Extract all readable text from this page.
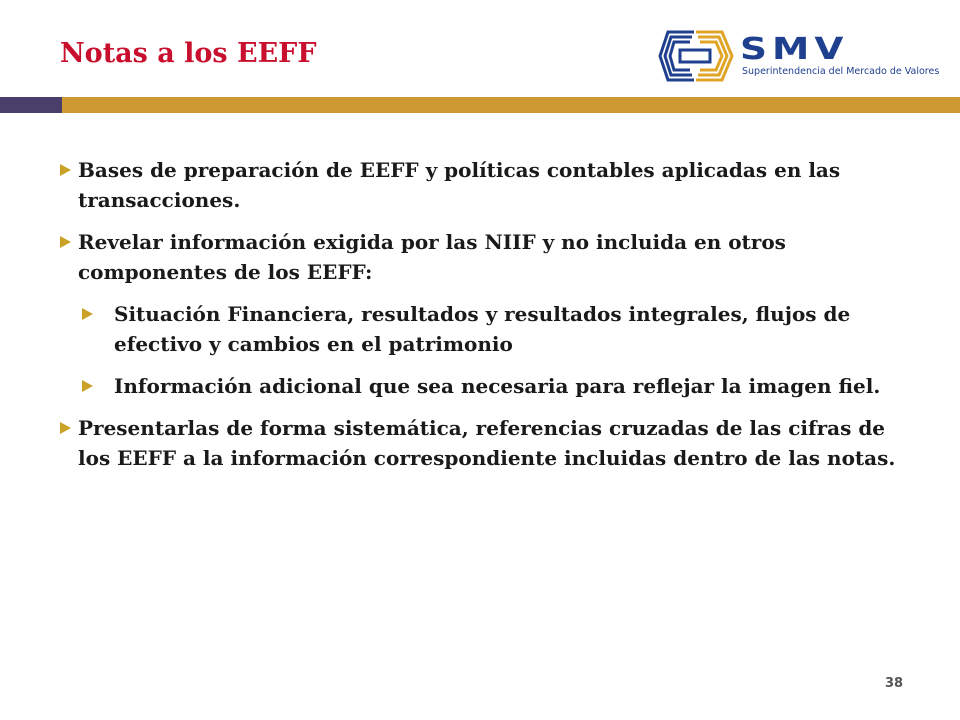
Notas a los EEFF	SMV
Superintendencia del Mercado de Valores
Bases de preparación de EEFF y políticas contables aplicadas en las transacciones.
Revelar información exigida por las NIIF y no incluida en otros componentes de los EEFF:
Situación Financiera, resultados y resultados integrales, flujos de efectivo y cambios en el patrimonio
Información adicional que sea necesaria para reflejar la imagen fiel.
Presentarlas de forma sistemática, referencias cruzadas de las cifras de los EEFF a la información correspondiente incluidas dentro de las notas.
38
